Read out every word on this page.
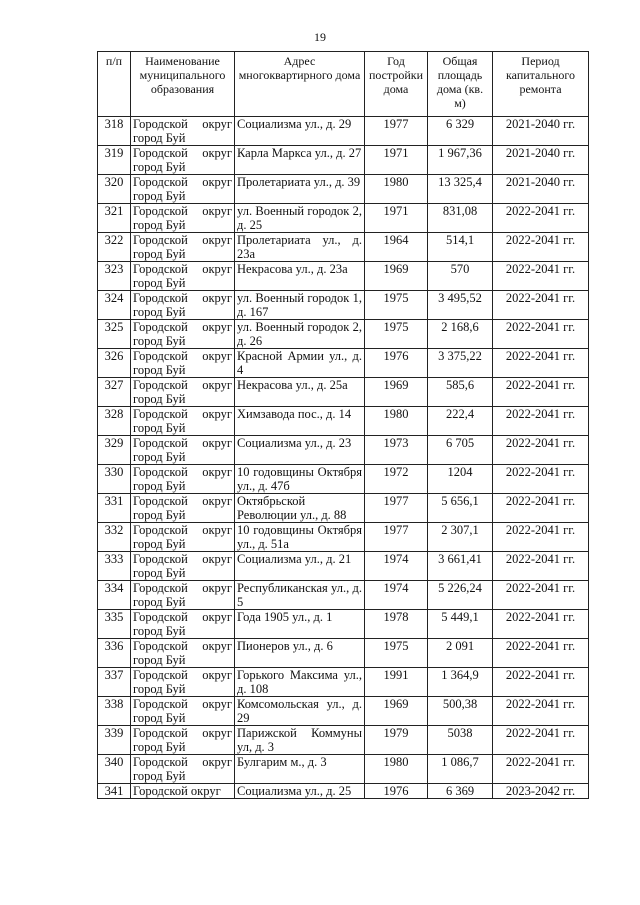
19
п/п	Наименование муниципального образования	Адрес многоквартирного дома	Год постройки дома	Общая площадь дома (кв. м)	Период капитального ремонта
318	Городской округ город Буй	Социализма ул., д. 29	1977	6 329	2021-2040 гг.
319	Городской округ город Буй	Карла Маркса ул., д. 27	1971	1 967,36	2021-2040 гг.
320	Городской округ город Буй	Пролетариата ул., д. 39	1980	13 325,4	2021-2040 гг.
321	Городской округ город Буй	ул. Военный городок 2, д. 25	1971	831,08	2022-2041 гг.
322	Городской округ город Буй	Пролетариата ул., д. 23а	1964	514,1	2022-2041 гг.
323	Городской округ город Буй	Некрасова ул., д. 23а	1969	570	2022-2041 гг.
324	Городской округ город Буй	ул. Военный городок 1, д. 167	1975	3 495,52	2022-2041 гг.
325	Городской округ город Буй	ул. Военный городок 2, д. 26	1975	2 168,6	2022-2041 гг.
326	Городской округ город Буй	Красной Армии ул., д. 4	1976	3 375,22	2022-2041 гг.
327	Городской округ город Буй	Некрасова ул., д. 25а	1969	585,6	2022-2041 гг.
328	Городской округ город Буй	Химзавода пос., д. 14	1980	222,4	2022-2041 гг.
329	Городской округ город Буй	Социализма ул., д. 23	1973	6 705	2022-2041 гг.
330	Городской округ город Буй	10 годовщины Октября ул., д. 47б	1972	1204	2022-2041 гг.
331	Городской округ город Буй	Октябрьской Революции ул., д. 88	1977	5 656,1	2022-2041 гг.
332	Городской округ город Буй	10 годовщины Октября ул., д. 51а	1977	2 307,1	2022-2041 гг.
333	Городской округ город Буй	Социализма ул., д. 21	1974	3 661,41	2022-2041 гг.
334	Городской округ город Буй	Республиканская ул., д. 5	1974	5 226,24	2022-2041 гг.
335	Городской округ город Буй	Года 1905 ул., д. 1	1978	5 449,1	2022-2041 гг.
336	Городской округ город Буй	Пионеров ул., д. 6	1975	2 091	2022-2041 гг.
337	Городской округ город Буй	Горького Максима ул., д. 108	1991	1 364,9	2022-2041 гг.
338	Городской округ город Буй	Комсомольская ул., д. 29	1969	500,38	2022-2041 гг.
339	Городской округ город Буй	Парижской Коммуны ул, д. 3	1979	5038	2022-2041 гг.
340	Городской округ город Буй	Булгарим м., д. 3	1980	1 086,7	2022-2041 гг.
341	Городской округ	Социализма ул., д. 25	1976	6 369	2023-2042 гг.
